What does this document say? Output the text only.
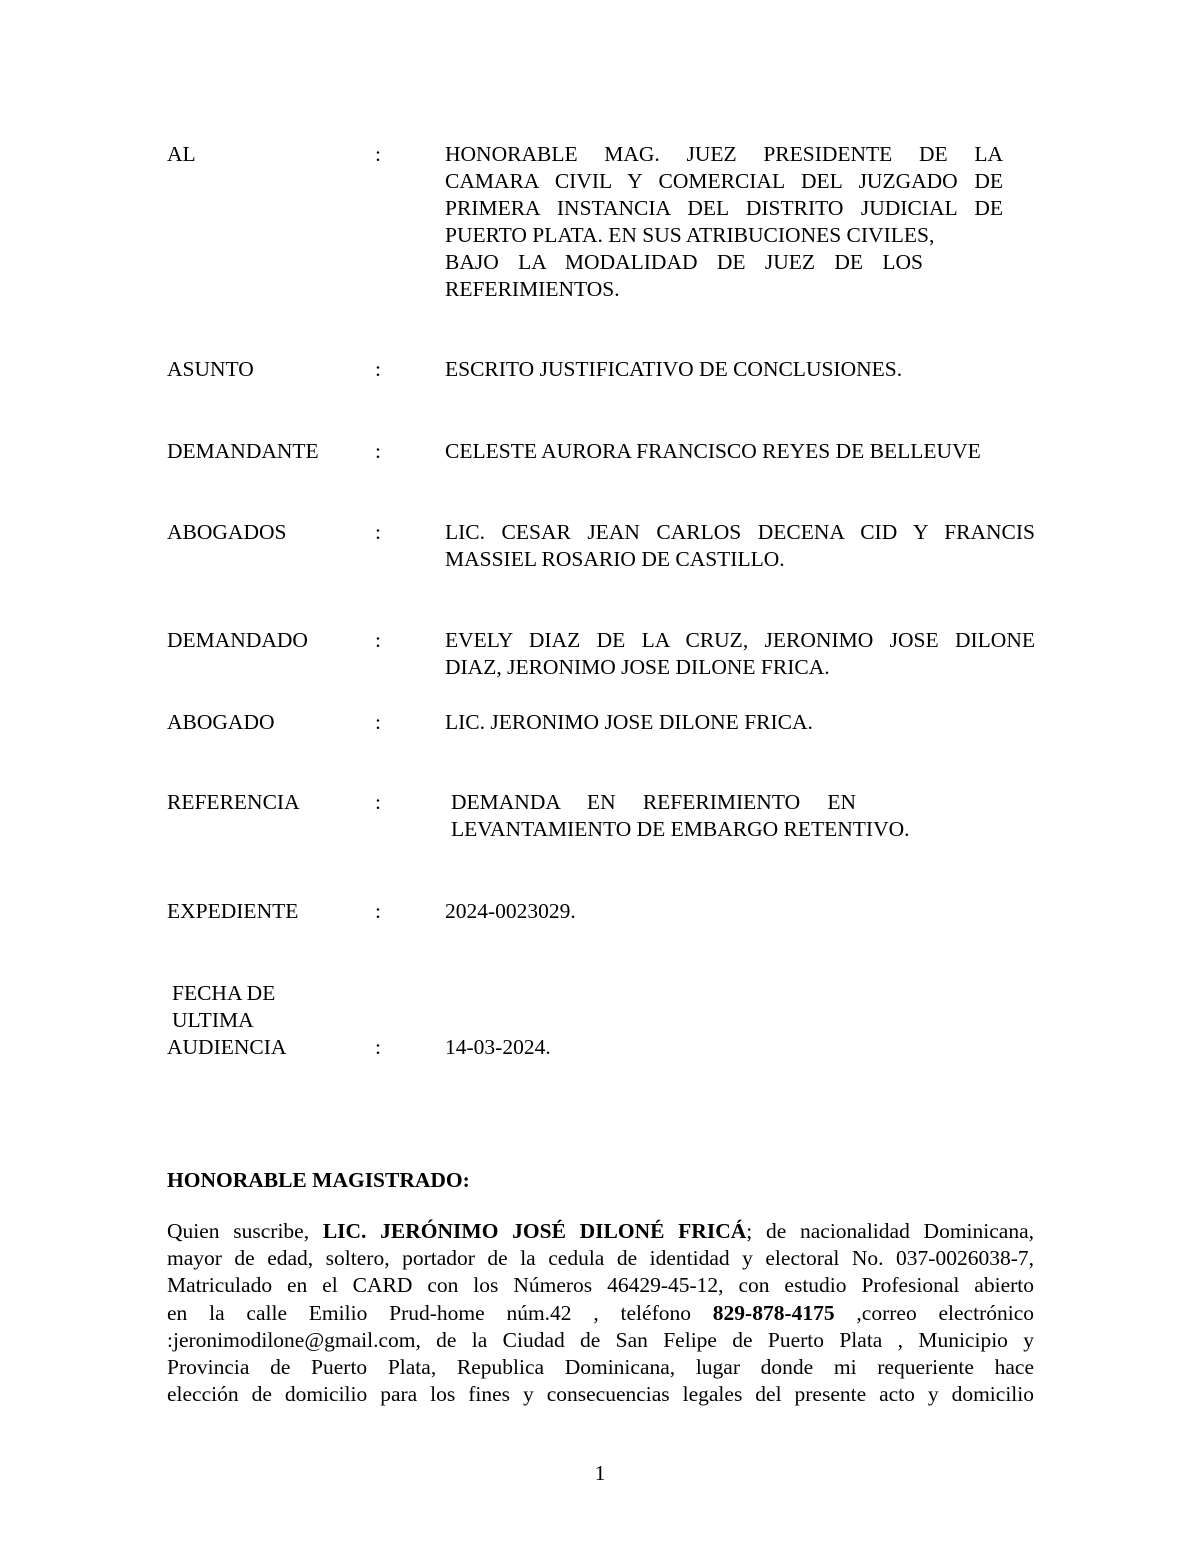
AL	:	HONORABLE MAG. JUEZ PRESIDENTE DE LA
CAMARA CIVIL Y COMERCIAL DEL JUZGADO DE
PRIMERA INSTANCIA DEL DISTRITO JUDICIAL DE
PUERTO PLATA. EN SUS ATRIBUCIONES CIVILES,
BAJO LA MODALIDAD DE JUEZ DE LOS
REFERIMIENTOS.
ASUNTO	:	ESCRITO JUSTIFICATIVO DE CONCLUSIONES.
DEMANDANTE	:	CELESTE AURORA FRANCISCO REYES DE BELLEUVE
ABOGADOS	:	LIC. CESAR JEAN CARLOS DECENA CID Y FRANCIS
MASSIEL ROSARIO DE CASTILLO.
DEMANDADO	:	EVELY DIAZ DE LA CRUZ, JERONIMO JOSE DILONE
DIAZ, JERONIMO JOSE DILONE FRICA.
ABOGADO	:	LIC. JERONIMO JOSE DILONE FRICA.
REFERENCIA	:	DEMANDA EN REFERIMIENTO EN
LEVANTAMIENTO DE EMBARGO RETENTIVO.
EXPEDIENTE	:	2024-0023029.
FECHA DE
ULTIMA
AUDIENCIA	:	14-03-2024.
HONORABLE MAGISTRADO:
Quien suscribe, LIC. JERÓNIMO JOSÉ DILONÉ FRICÁ; de nacionalidad Dominicana,
mayor de edad, soltero, portador de la cedula de identidad y electoral No. 037-0026038-7,
Matriculado en el CARD con los Números 46429-45-12, con estudio Profesional abierto
en la calle Emilio Prud-home núm.42 , teléfono 829-878-4175 ,correo electrónico
:jeronimodilone@gmail.com, de la Ciudad de San Felipe de Puerto Plata , Municipio y
Provincia de Puerto Plata, Republica Dominicana, lugar donde mi requeriente hace
elección de domicilio para los fines y consecuencias legales del presente acto y domicilio
1
